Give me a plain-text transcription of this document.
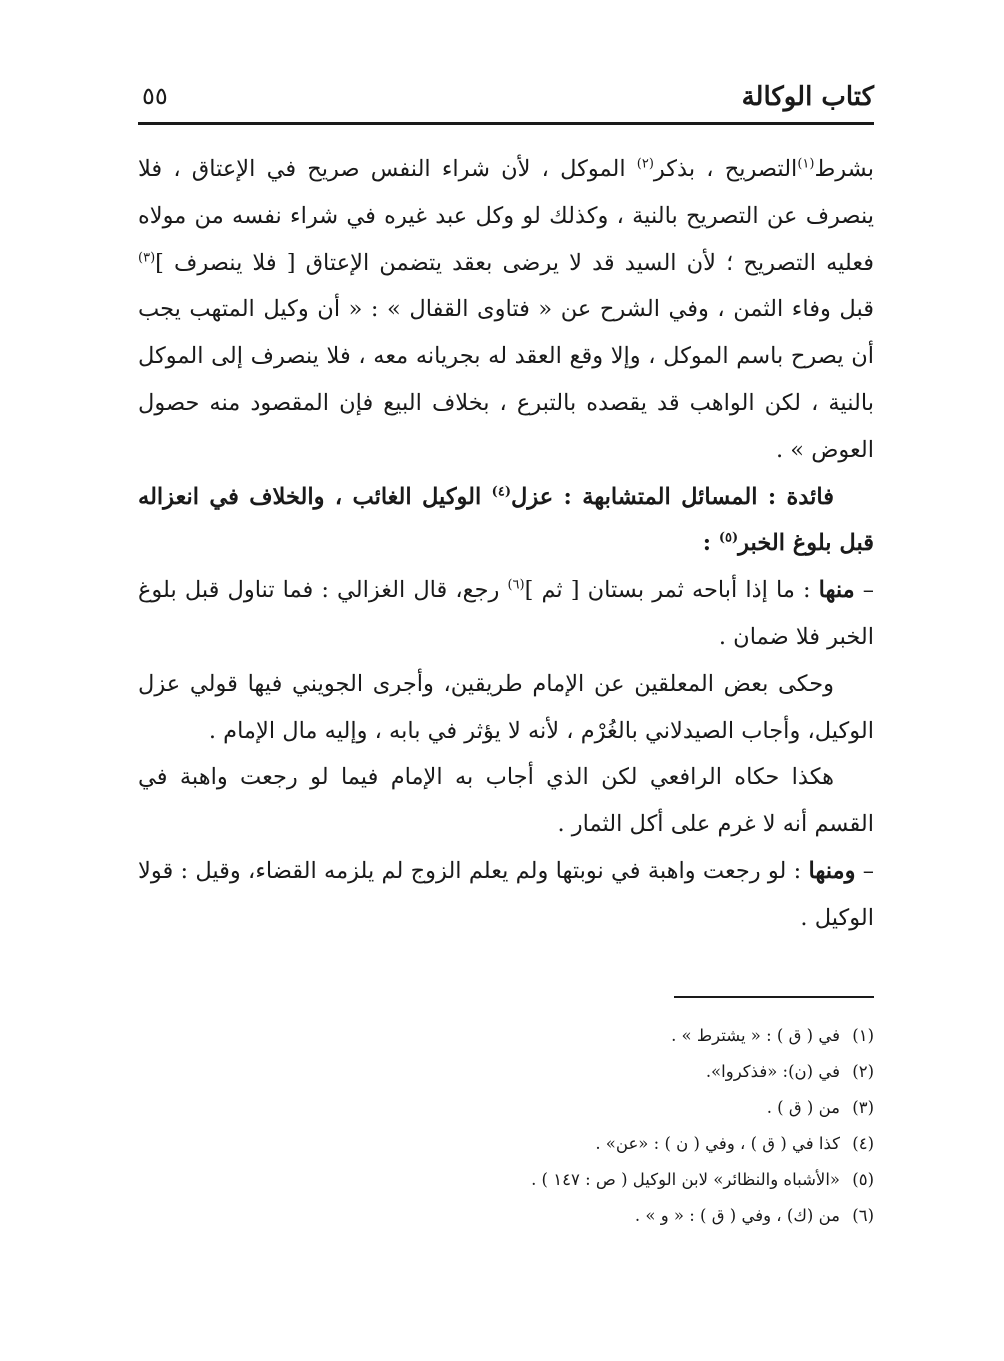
كتاب الوكالة
٥٥

بشرط$^{(١)}$التصريح ، بذكر$^{(٢)}$ الموكل ، لأن شراء النفس صريح في الإعتاق ، فلا ينصرف عن التصريح بالنية ، وكذلك لو وكل عبد غيره في شراء نفسه من مولاه فعليه التصريح ؛ لأن السيد قد لا يرضى بعقد يتضمن الإعتاق [ فلا ينصرف ]$^{(٣)}$ قبل وفاء الثمن ، وفي الشرح عن « فتاوى القفال » : « أن وكيل المتهب يجب أن يصرح باسم الموكل ، وإلا وقع العقد له بجريانه معه ، فلا ينصرف إلى الموكل بالنية ، لكن الواهب قد يقصده بالتبرع ، بخلاف البيع فإن المقصود منه حصول العوض » .

فائدة : المسائل المتشابهة : عزل$^{(٤)}$ الوكيل الغائب ، والخلاف في انعزاله قبل بلوغ الخبر$^{(٥)}$ :

– منها : ما إذا أباحه ثمر بستان [ ثم ]$^{(٦)}$ رجع، قال الغزالي : فما تناول قبل بلوغ الخبر فلا ضمان .

وحكى بعض المعلقين عن الإمام طريقين، وأجرى الجويني فيها قولي عزل الوكيل، وأجاب الصيدلاني بالغُرْم ، لأنه لا يؤثر في بابه ، وإليه مال الإمام .

هكذا حكاه الرافعي لكن الذي أجاب به الإمام فيما لو رجعت واهبة في القسم أنه لا غرم على أكل الثمار .

– ومنها : لو رجعت واهبة في نوبتها ولم يعلم الزوج لم يلزمه القضاء، وقيل : قولا الوكيل .

(١)
في ( ق ) : « يشترط » .
(٢)
في (ن): «فذكروا».
(٣)
من ( ق ) .
(٤)
كذا في ( ق ) ، وفي ( ن ) : «عن» .
(٥)
«الأشباه والنظائر» لابن الوكيل ( ص : ١٤٧ ) .
(٦)
من (ك) ، وفي ( ق ) : « و » .
